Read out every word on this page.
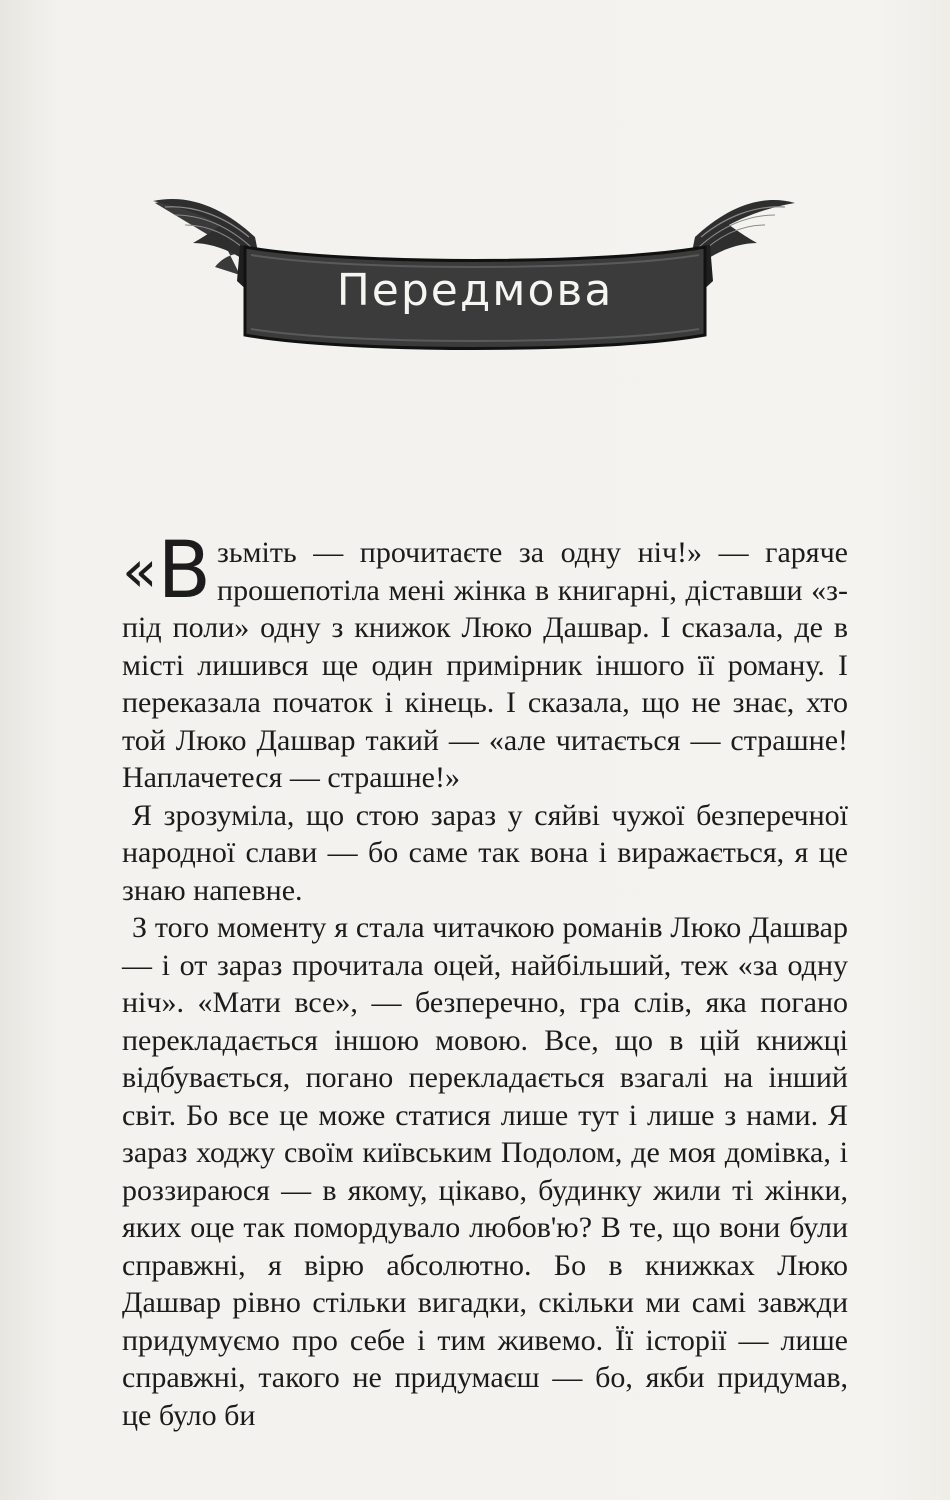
Передмова

«В зьміть — прочитаєте за одну ніч!» — гаряче прошепотіла мені жінка в книгарні, діставши «з-під поли» одну з книжок Люко Дашвар. І сказала, де в місті лишився ще один примірник іншого її роману. І переказала початок і кінець. І сказала, що не знає, хто той Люко Дашвар такий — «але читається — страшне! Наплачетеся — страшне!»

Я зрозуміла, що стою зараз у сяйві чужої безперечної народної слави — бо саме так вона і виражається, я це знаю напевне.

З того моменту я стала читачкою романів Люко Дашвар — і от зараз прочитала оцей, найбільший, теж «за одну ніч». «Мати все», — безперечно, гра слів, яка погано перекладається іншою мовою. Все, що в цій книжці відбувається, погано перекладається взагалі на інший світ. Бо все це може статися лише тут і лише з нами. Я зараз ходжу своїм київським Подолом, де моя домівка, і роззираюся — в якому, цікаво, будинку жили ті жінки, яких оце так помордувало любов'ю? В те, що вони були справжні, я вірю абсолютно. Бо в книжках Люко Дашвар рівно стільки вигадки, скільки ми самі завжди придумуємо про себе і тим живемо. Її історії — лише справжні, такого не придумаєш — бо, якби придумав, це було би
